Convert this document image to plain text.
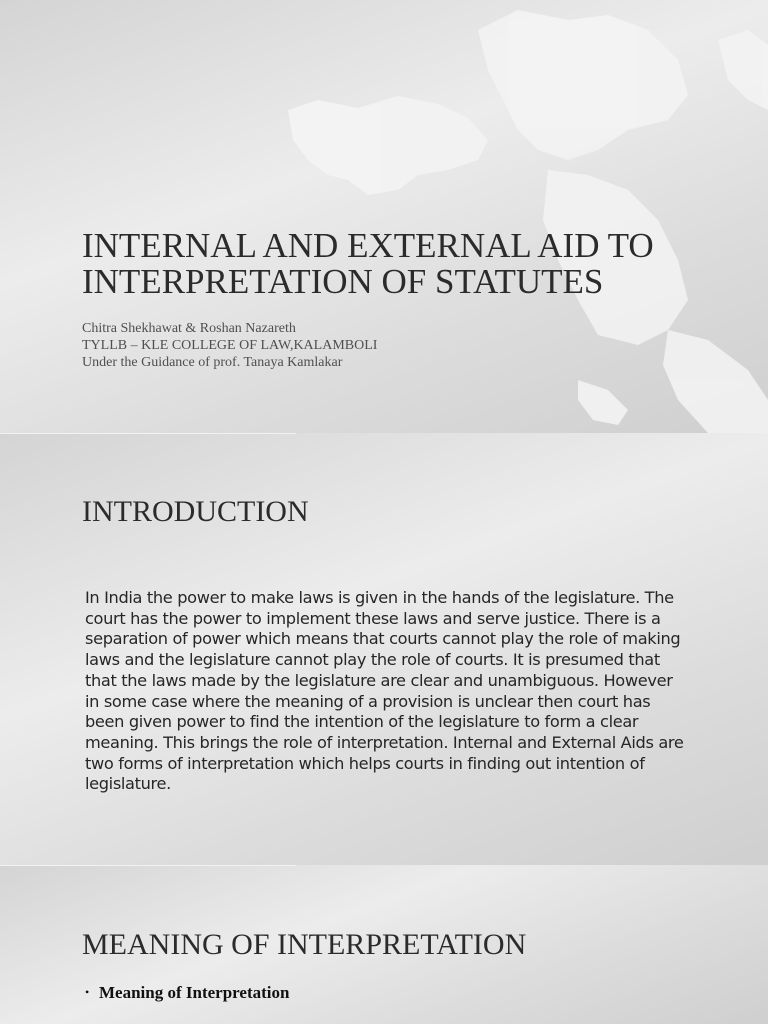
INTERNAL AND EXTERNAL AID TO
INTERPRETATION OF STATUTES
Chitra Shekhawat & Roshan Nazareth
TYLLB – KLE COLLEGE OF LAW,KALAMBOLI
Under the Guidance of prof. Tanaya Kamlakar
INTRODUCTION
In India the power to make laws is given in the hands of the legislature. The court has the power to implement these laws and serve justice. There is a separation of power which means that courts cannot play the role of making laws and the legislature cannot play the role of courts. It is presumed that that the laws made by the legislature are clear and unambiguous. However in some case where the meaning of a provision is unclear then court has been given power to find the intention of the legislature to form a clear meaning. This brings the role of interpretation. Internal and External Aids are two forms of interpretation which helps courts in finding out intention of legislature.
MEANING OF INTERPRETATION
• Meaning of Interpretation
